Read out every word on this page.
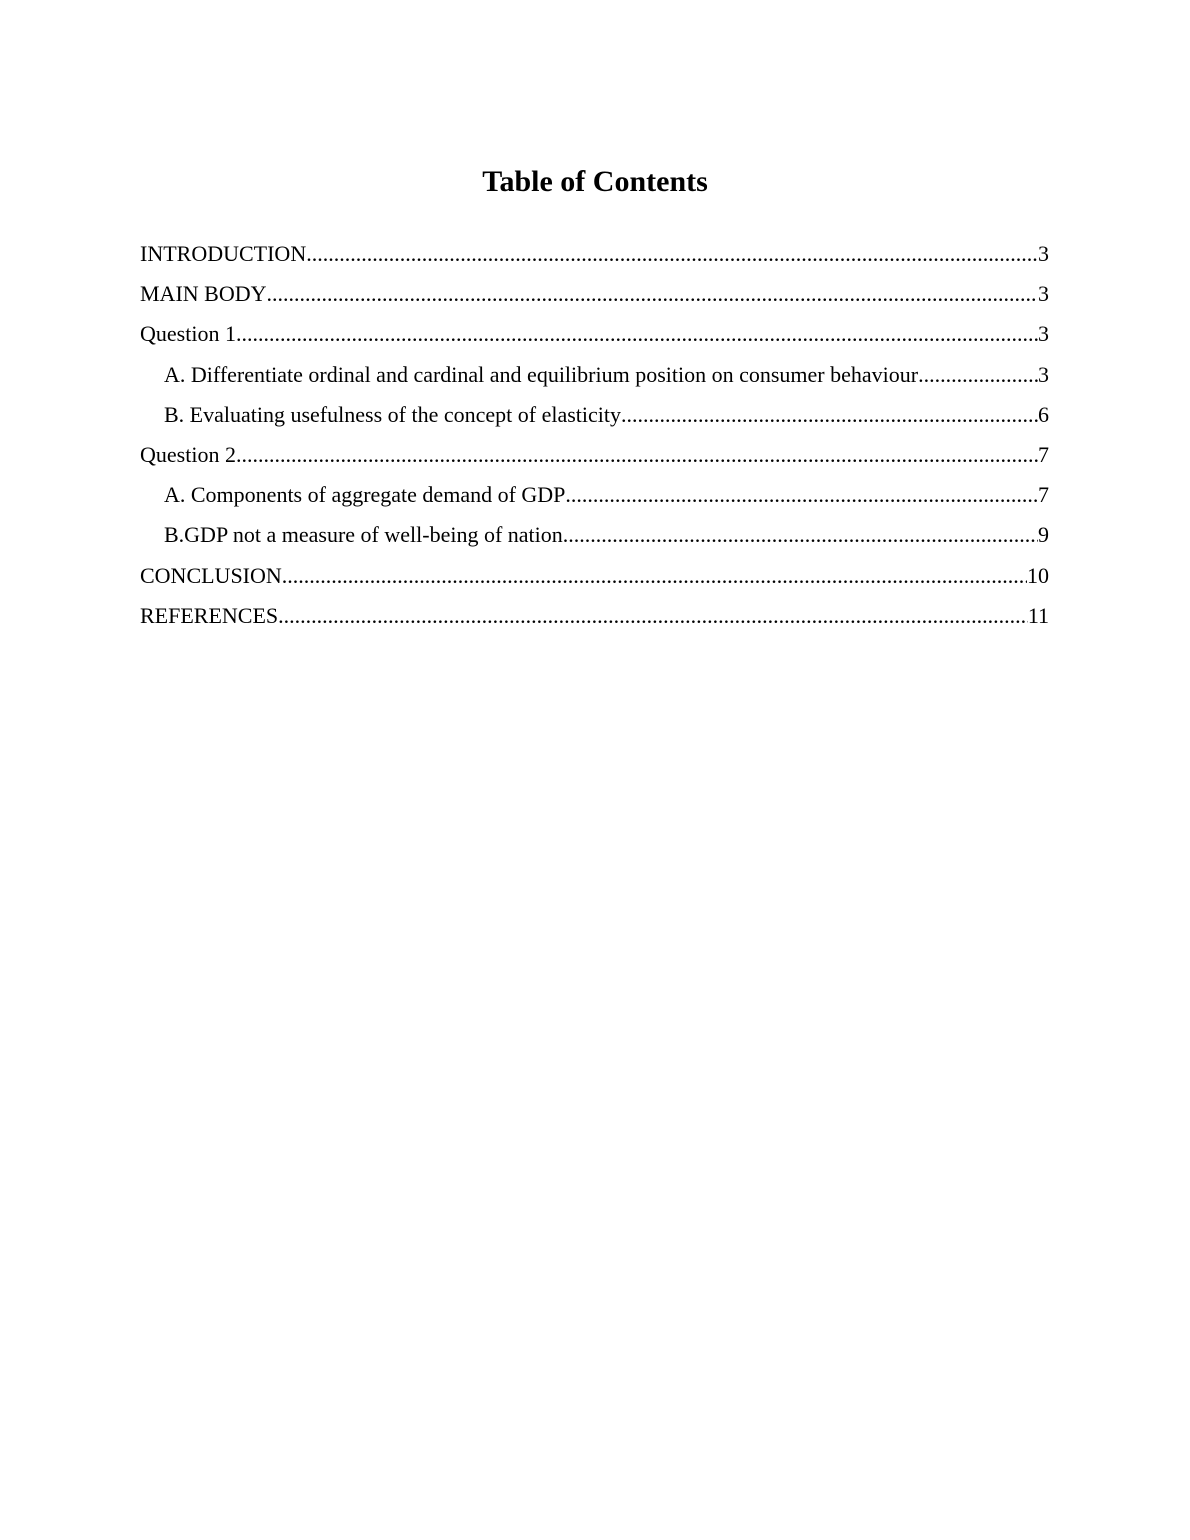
Table of Contents
INTRODUCTION .....	3
MAIN BODY .....	3
Question 1 .....	3
A. Differentiate ordinal and cardinal and equilibrium position on consumer behaviour .....	3
B. Evaluating usefulness of the concept of elasticity .....	6
Question 2 .....	7
A. Components of aggregate demand of GDP .....	7
B.GDP not a measure of well-being of nation .....	9
CONCLUSION .....	10
REFERENCES .....	11
